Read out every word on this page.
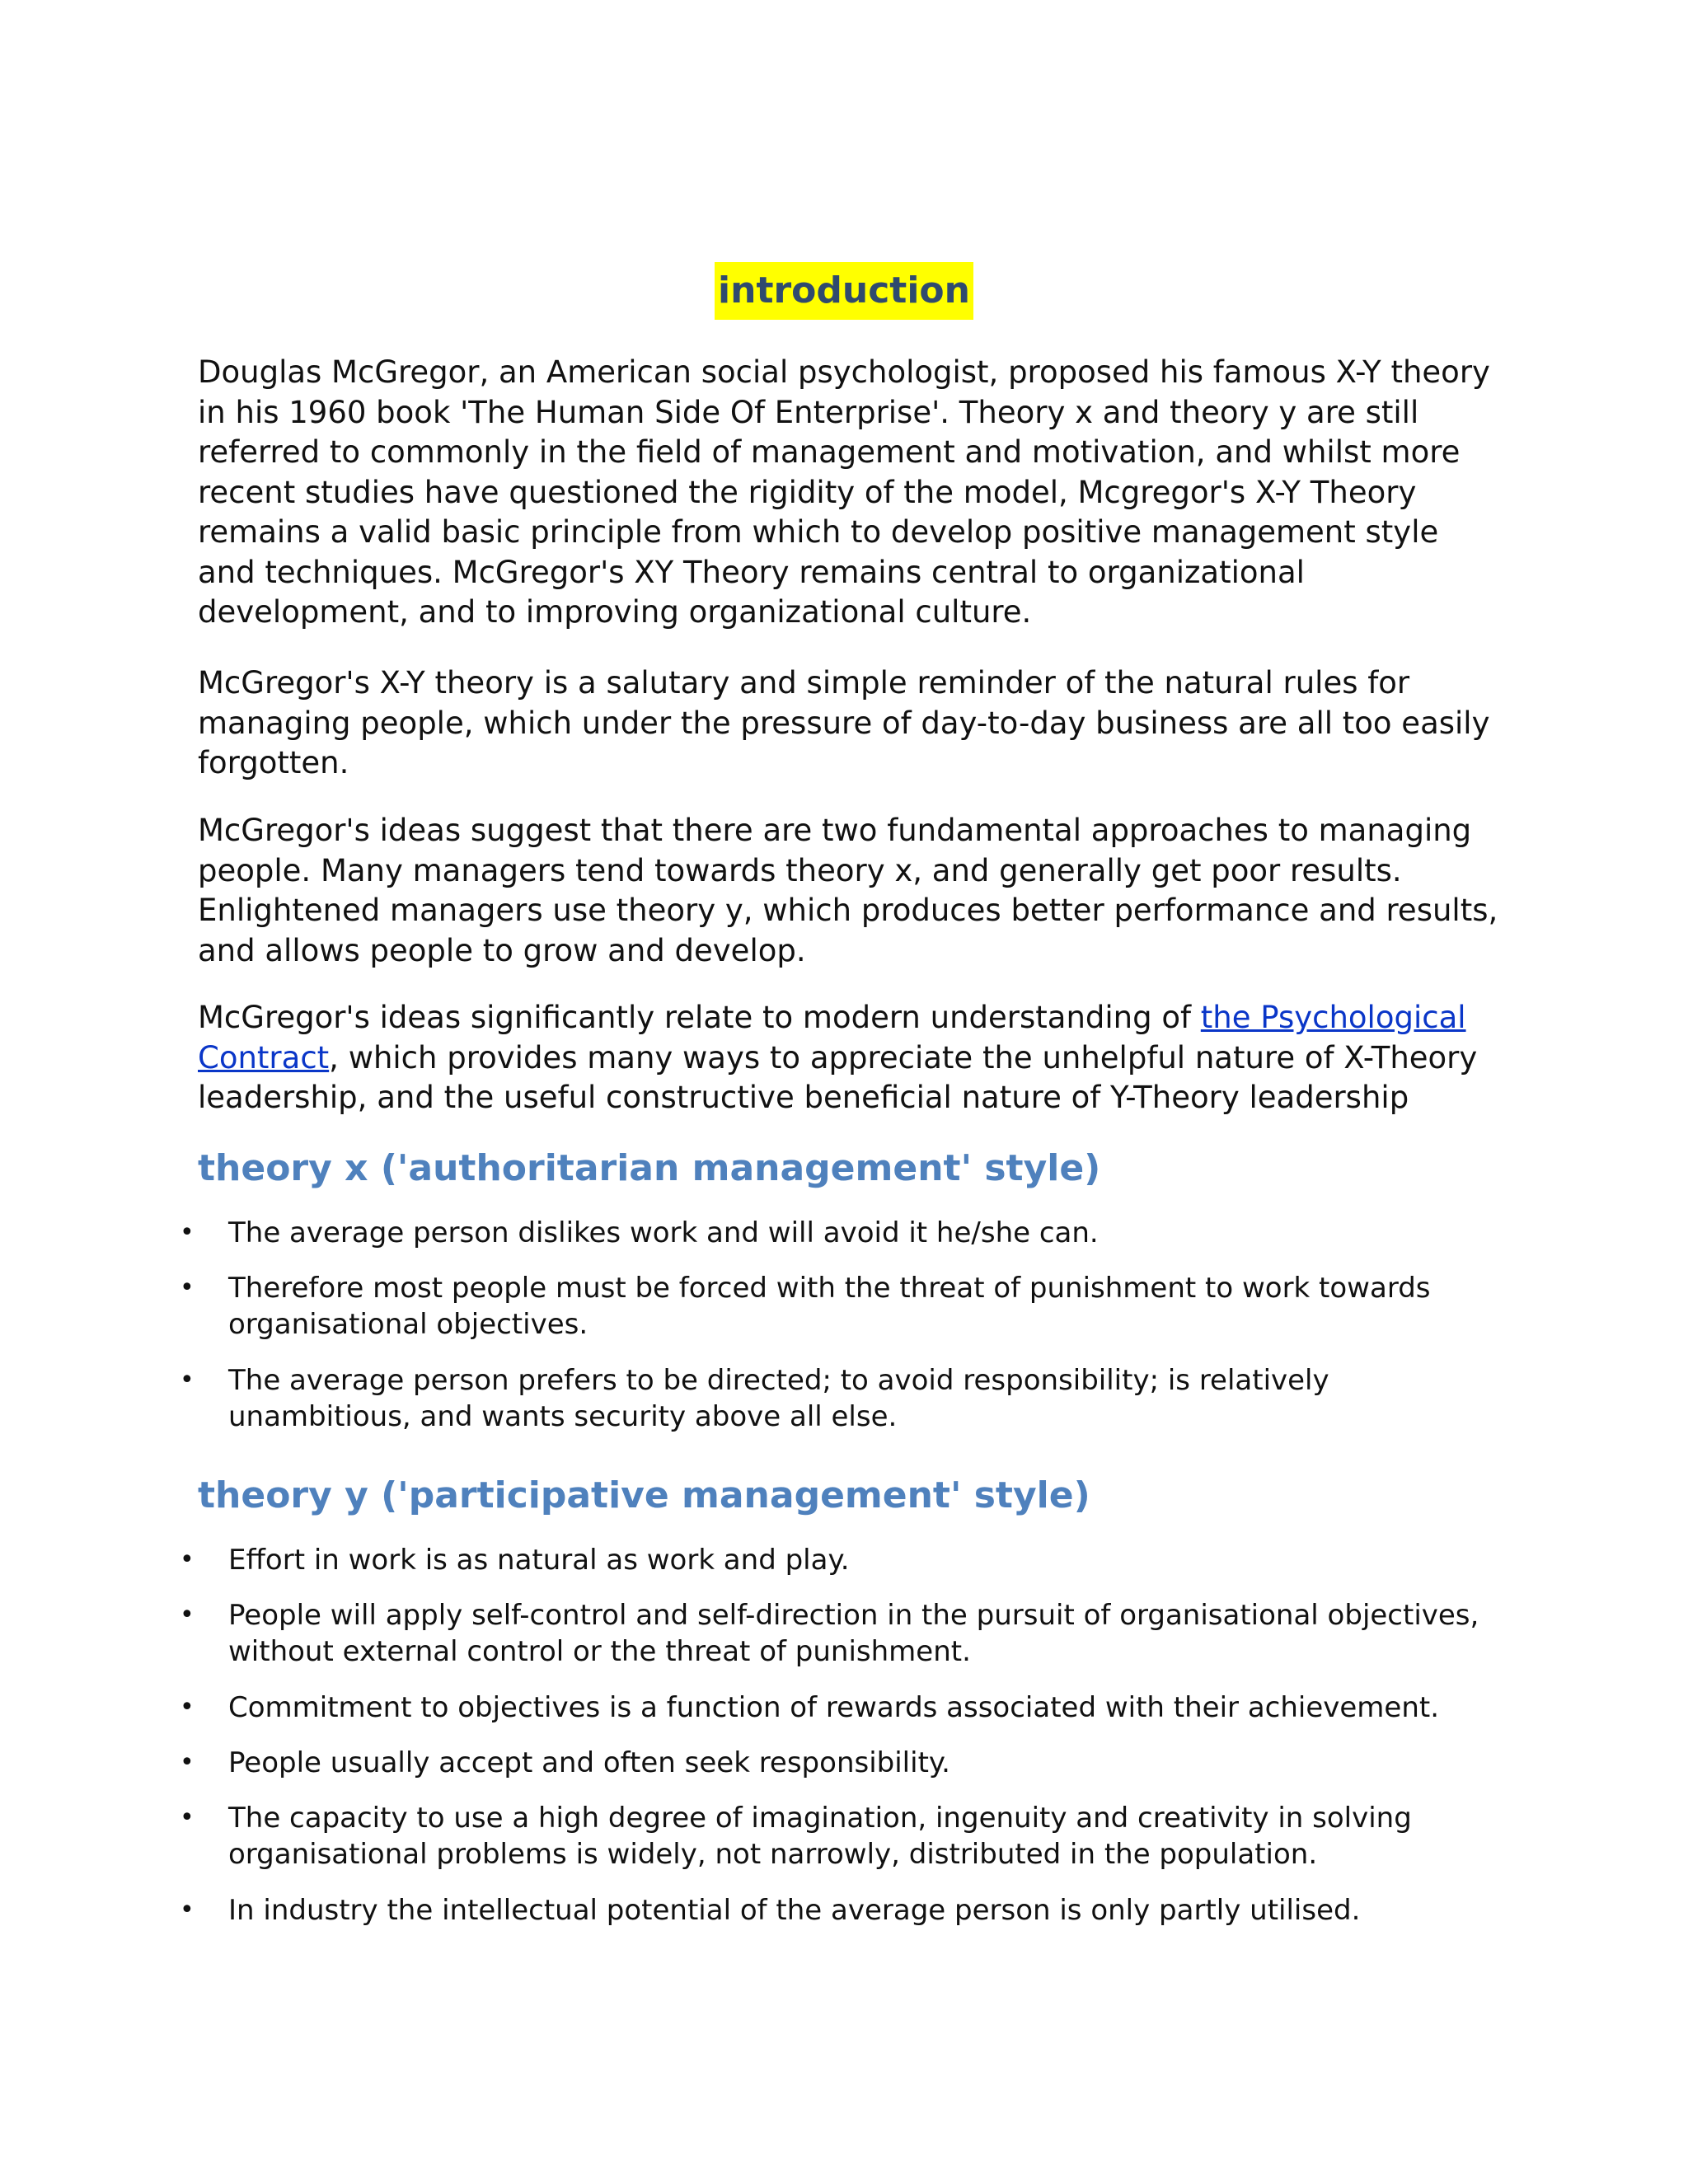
introduction

Douglas McGregor, an American social psychologist, proposed his famous X-Y theory in his 1960 book 'The Human Side Of Enterprise'. Theory x and theory y are still referred to commonly in the field of management and motivation, and whilst more recent studies have questioned the rigidity of the model, Mcgregor's X-Y Theory remains a valid basic principle from which to develop positive management style and techniques. McGregor's XY Theory remains central to organizational development, and to improving organizational culture.

McGregor's X-Y theory is a salutary and simple reminder of the natural rules for managing people, which under the pressure of day-to-day business are all too easily forgotten.

McGregor's ideas suggest that there are two fundamental approaches to managing people. Many managers tend towards theory x, and generally get poor results. Enlightened managers use theory y, which produces better performance and results, and allows people to grow and develop.

McGregor's ideas significantly relate to modern understanding of the Psychological Contract, which provides many ways to appreciate the unhelpful nature of X-Theory leadership, and the useful constructive beneficial nature of Y-Theory leadership

theory x ('authoritarian management' style)
• The average person dislikes work and will avoid it he/she can.
• Therefore most people must be forced with the threat of punishment to work towards organisational objectives.
• The average person prefers to be directed; to avoid responsibility; is relatively unambitious, and wants security above all else.
theory y ('participative management' style)
• Effort in work is as natural as work and play.
• People will apply self-control and self-direction in the pursuit of organisational objectives, without external control or the threat of punishment.
• Commitment to objectives is a function of rewards associated with their achievement.
• People usually accept and often seek responsibility.
• The capacity to use a high degree of imagination, ingenuity and creativity in solving organisational problems is widely, not narrowly, distributed in the population.
• In industry the intellectual potential of the average person is only partly utilised.
